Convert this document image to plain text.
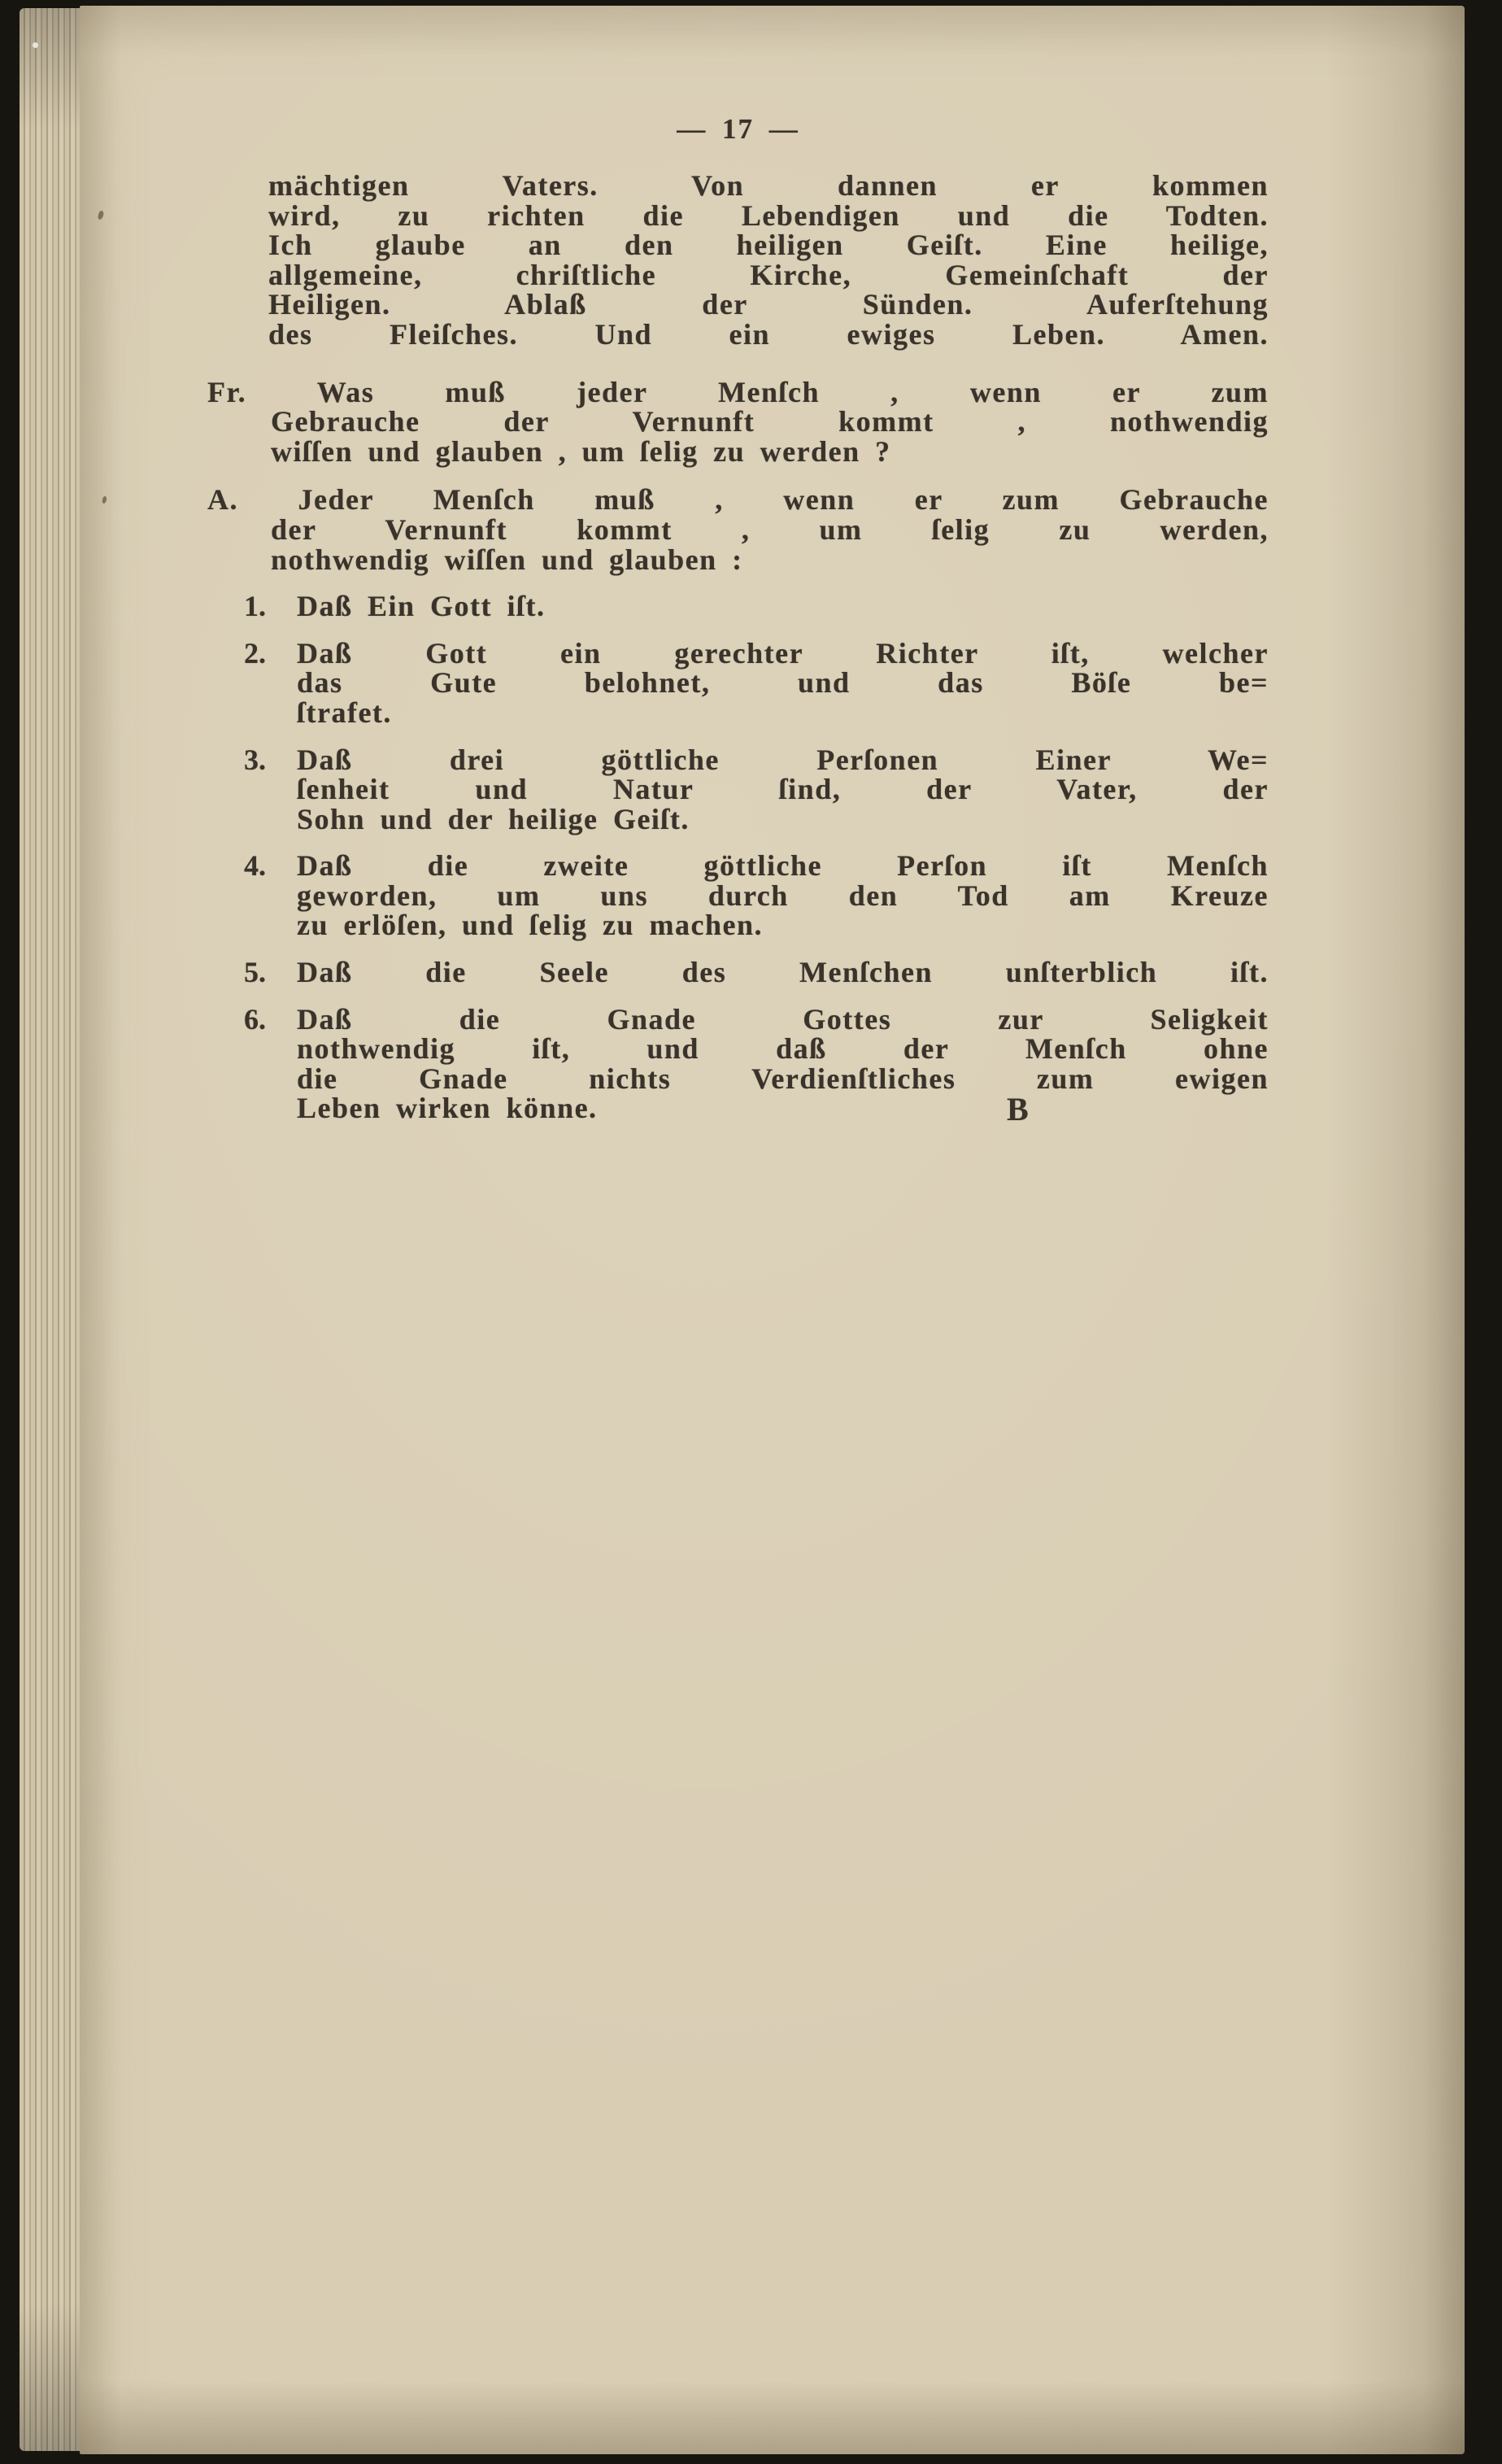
— 17 —
mächtigen Vaters. Von dannen er kommen
wird, zu richten die Lebendigen und die Todten.
Ich glaube an den heiligen Geiſt. Eine heilige,
allgemeine, chriſtliche Kirche, Gemeinſchaft der
Heiligen. Ablaß der Sünden. Auferſtehung
des Fleiſches. Und ein ewiges Leben. Amen.
Fr. Was muß jeder Menſch , wenn er zum
Gebrauche der Vernunft kommt , nothwendig
wiſſen und glauben , um ſelig zu werden ?
A. Jeder Menſch muß , wenn er zum Gebrauche
der Vernunft kommt , um ſelig zu werden,
nothwendig wiſſen und glauben :
1. Daß Ein Gott iſt.
2. Daß Gott ein gerechter Richter iſt, welcher
das Gute belohnet, und das Böſe be=
ſtrafet.
3. Daß drei göttliche Perſonen Einer We=
ſenheit und Natur ſind, der Vater, der
Sohn und der heilige Geiſt.
4. Daß die zweite göttliche Perſon iſt Menſch
geworden, um uns durch den Tod am Kreuze
zu erlöſen, und ſelig zu machen.
5. Daß die Seele des Menſchen unſterblich iſt.
6. Daß die Gnade Gottes zur Seligkeit
nothwendig iſt, und daß der Menſch ohne
die Gnade nichts Verdienſtliches zum ewigen
Leben wirken könne.	B
